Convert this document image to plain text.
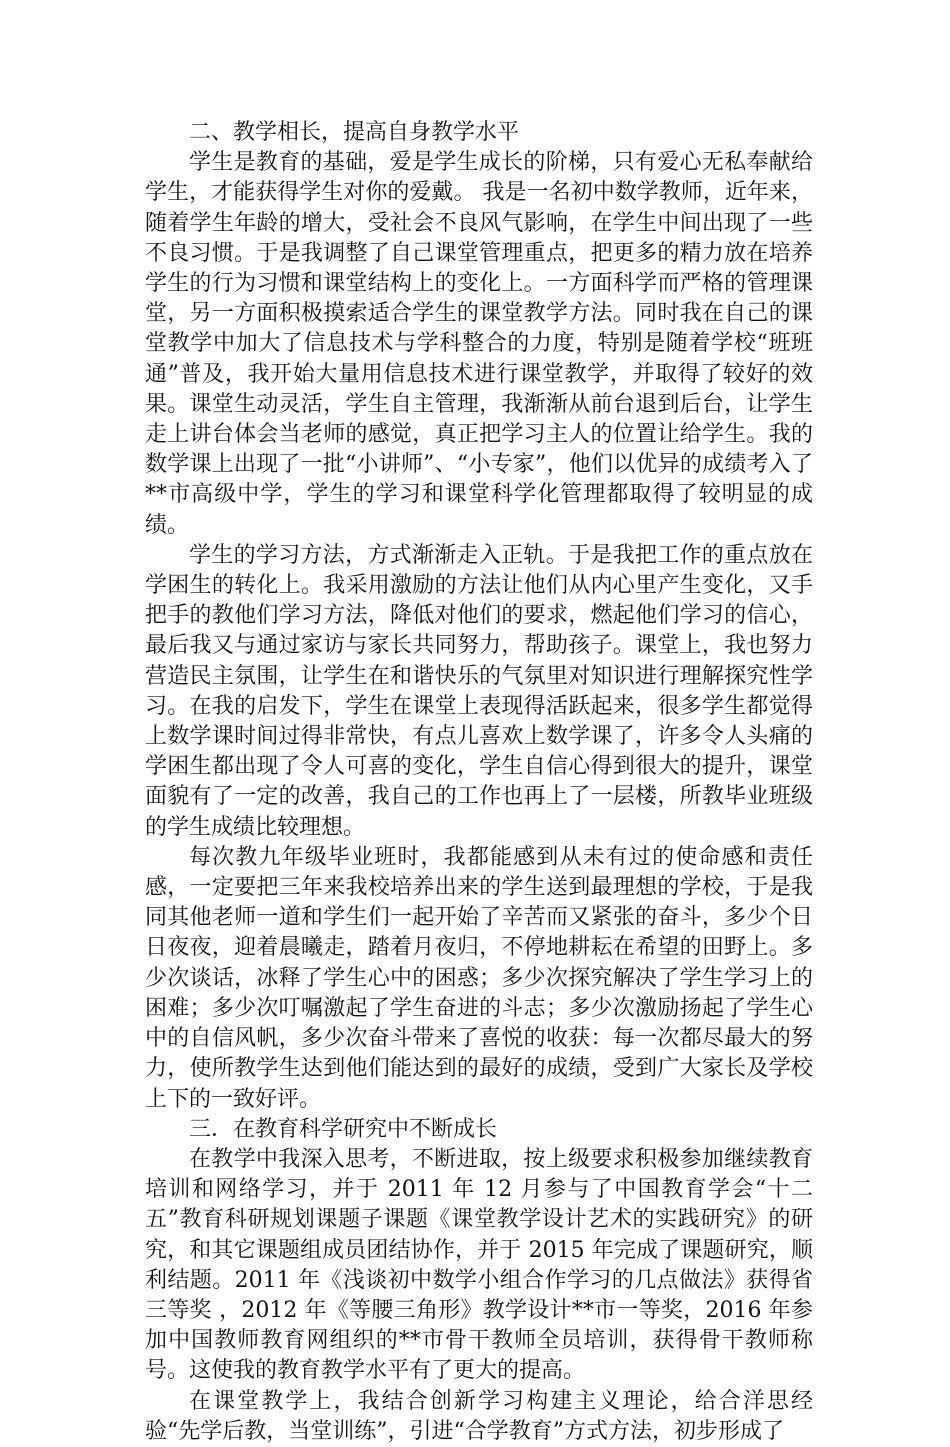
二、教学相长，提高自身教学水平

学生是教育的基础，爱是学生成长的阶梯，只有爱心无私奉献给学生，才能获得学生对你的爱戴。 我是一名初中数学教师，近年来，随着学生年龄的增大，受社会不良风气影响，在学生中间出现了一些不良习惯。于是我调整了自己课堂管理重点，把更多的精力放在培养学生的行为习惯和课堂结构上的变化上。一方面科学而严格的管理课堂，另一方面积极摸索适合学生的课堂教学方法。同时我在自己的课堂教学中加大了信息技术与学科整合的力度，特别是随着学校“班班通”普及，我开始大量用信息技术进行课堂教学，并取得了较好的效果。课堂生动灵活，学生自主管理，我渐渐从前台退到后台，让学生走上讲台体会当老师的感觉，真正把学习主人的位置让给学生。我的数学课上出现了一批“小讲师”、“小专家”，他们以优异的成绩考入了**市高级中学，学生的学习和课堂科学化管理都取得了较明显的成绩。

学生的学习方法，方式渐渐走入正轨。于是我把工作的重点放在学困生的转化上。我采用激励的方法让他们从内心里产生变化，又手把手的教他们学习方法，降低对他们的要求，燃起他们学习的信心，最后我又与通过家访与家长共同努力，帮助孩子。课堂上，我也努力营造民主氛围，让学生在和谐快乐的气氛里对知识进行理解探究性学习。在我的启发下，学生在课堂上表现得活跃起来，很多学生都觉得上数学课时间过得非常快，有点儿喜欢上数学课了，许多令人头痛的学困生都出现了令人可喜的变化，学生自信心得到很大的提升，课堂面貌有了一定的改善，我自己的工作也再上了一层楼，所教毕业班级的学生成绩比较理想。

每次教九年级毕业班时，我都能感到从未有过的使命感和责任感，一定要把三年来我校培养出来的学生送到最理想的学校，于是我同其他老师一道和学生们一起开始了辛苦而又紧张的奋斗，多少个日日夜夜，迎着晨曦走，踏着月夜归，不停地耕耘在希望的田野上。多少次谈话，冰释了学生心中的困惑；多少次探究解决了学生学习上的困难；多少次叮嘱激起了学生奋进的斗志；多少次激励扬起了学生心中的自信风帆，多少次奋斗带来了喜悦的收获：每一次都尽最大的努力，使所教学生达到他们能达到的最好的成绩，受到广大家长及学校上下的一致好评。

三．在教育科学研究中不断成长

在教学中我深入思考，不断进取，按上级要求积极参加继续教育培训和网络学习，并于 2011 年 12 月参与了中国教育学会“十二五”教育科研规划课题子课题《课堂教学设计艺术的实践研究》的研究，和其它课题组成员团结协作，并于 2015 年完成了课题研究，顺利结题。2011 年《浅谈初中数学小组合作学习的几点做法》获得省三等奖 ，2012 年《等腰三角形》教学设计**市一等奖，2016 年参加中国教师教育网组织的**市骨干教师全员培训，获得骨干教师称号。这使我的教育教学水平有了更大的提高。

在课堂教学上，我结合创新学习构建主义理论，给合洋思经验“先学后教，当堂训练”，引进“合学教育”方式方法，初步形成了
